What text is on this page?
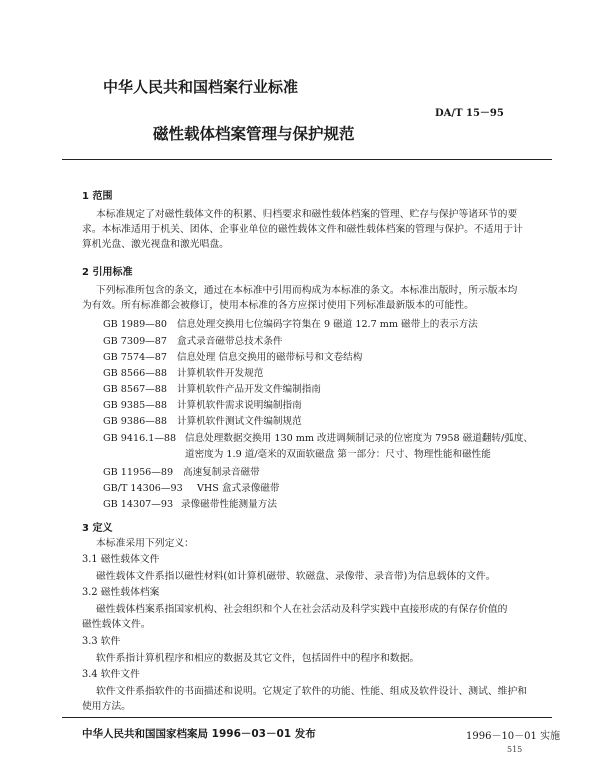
中华人民共和国档案行业标准
DA/T 15－95
磁性载体档案管理与保护规范
1 范围
本标准规定了对磁性载体文件的积累、归档要求和磁性载体档案的管理、贮存与保护等诸环节的要
求。本标准适用于机关、团体、企事业单位的磁性载体文件和磁性载体档案的管理与保护。不适用于计
算机光盘、激光视盘和激光唱盘。
2 引用标准
下列标准所包含的条文，通过在本标准中引用而构成为本标准的条文。本标准出版时，所示版本均
为有效。所有标准都会被修订，使用本标准的各方应探讨使用下列标准最新版本的可能性。
GB 1989—80 信息处理交换用七位编码字符集在 9 磁道 12.7 mm 磁带上的表示方法
GB 7309—87 盒式录音磁带总技术条件
GB 7574—87 信息处理 信息交换用的磁带标号和文卷结构
GB 8566—88 计算机软件开发规范
GB 8567—88 计算机软件产品开发文件编制指南
GB 9385—88 计算机软件需求说明编制指南
GB 9386—88 计算机软件测试文件编制规范
GB 9416.1—88 信息处理数据交换用 130 mm 改进调频制记录的位密度为 7958 磁道翻转/弧度、
道密度为 1.9 道/毫米的双面软磁盘 第一部分：尺寸、物理性能和磁性能
GB 11956—89 高速复制录音磁带
GB/T 14306—93 VHS 盒式录像磁带
GB 14307—93 录像磁带性能测量方法
3 定义
本标准采用下列定义：
3.1 磁性载体文件
磁性载体文件系指以磁性材料(如计算机磁带、软磁盘、录像带、录音带)为信息载体的文件。
3.2 磁性载体档案
磁性载体档案系指国家机构、社会组织和个人在社会活动及科学实践中直接形成的有保存价值的
磁性载体文件。
3.3 软件
软件系指计算机程序和相应的数据及其它文件，包括固件中的程序和数据。
3.4 软件文件
软件文件系指软件的书面描述和说明。它规定了软件的功能、性能、组成及软件设计、测试、维护和
使用方法。
中华人民共和国国家档案局 1996－03－01 发布	1996－10－01 实施
515
